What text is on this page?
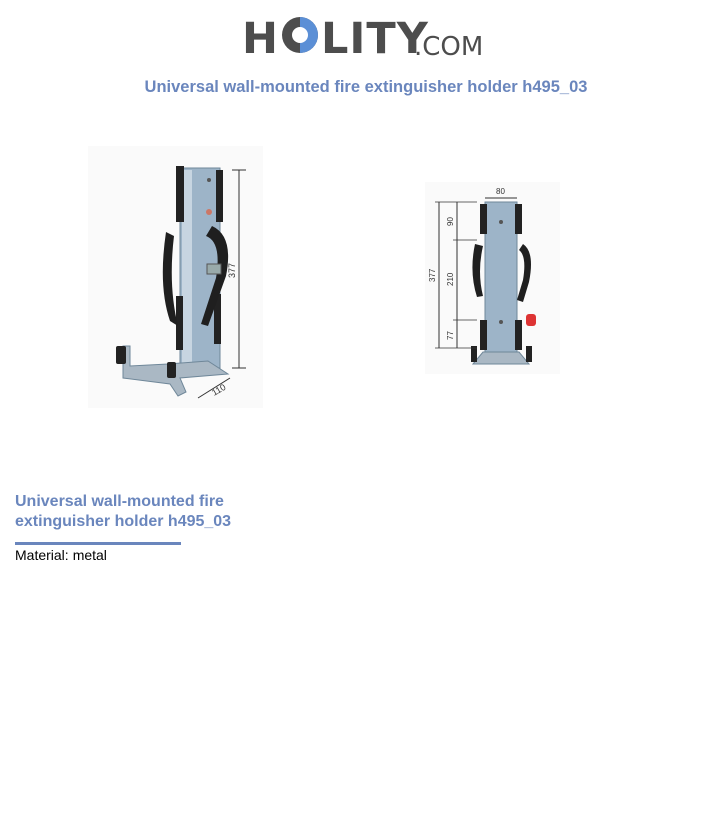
H LITY
.COM
Universal wall-mounted fire extinguisher holder h495_03
377
110
80
377
90
210
77
Universal wall-mounted fire extinguisher holder h495_03
Material: metal
